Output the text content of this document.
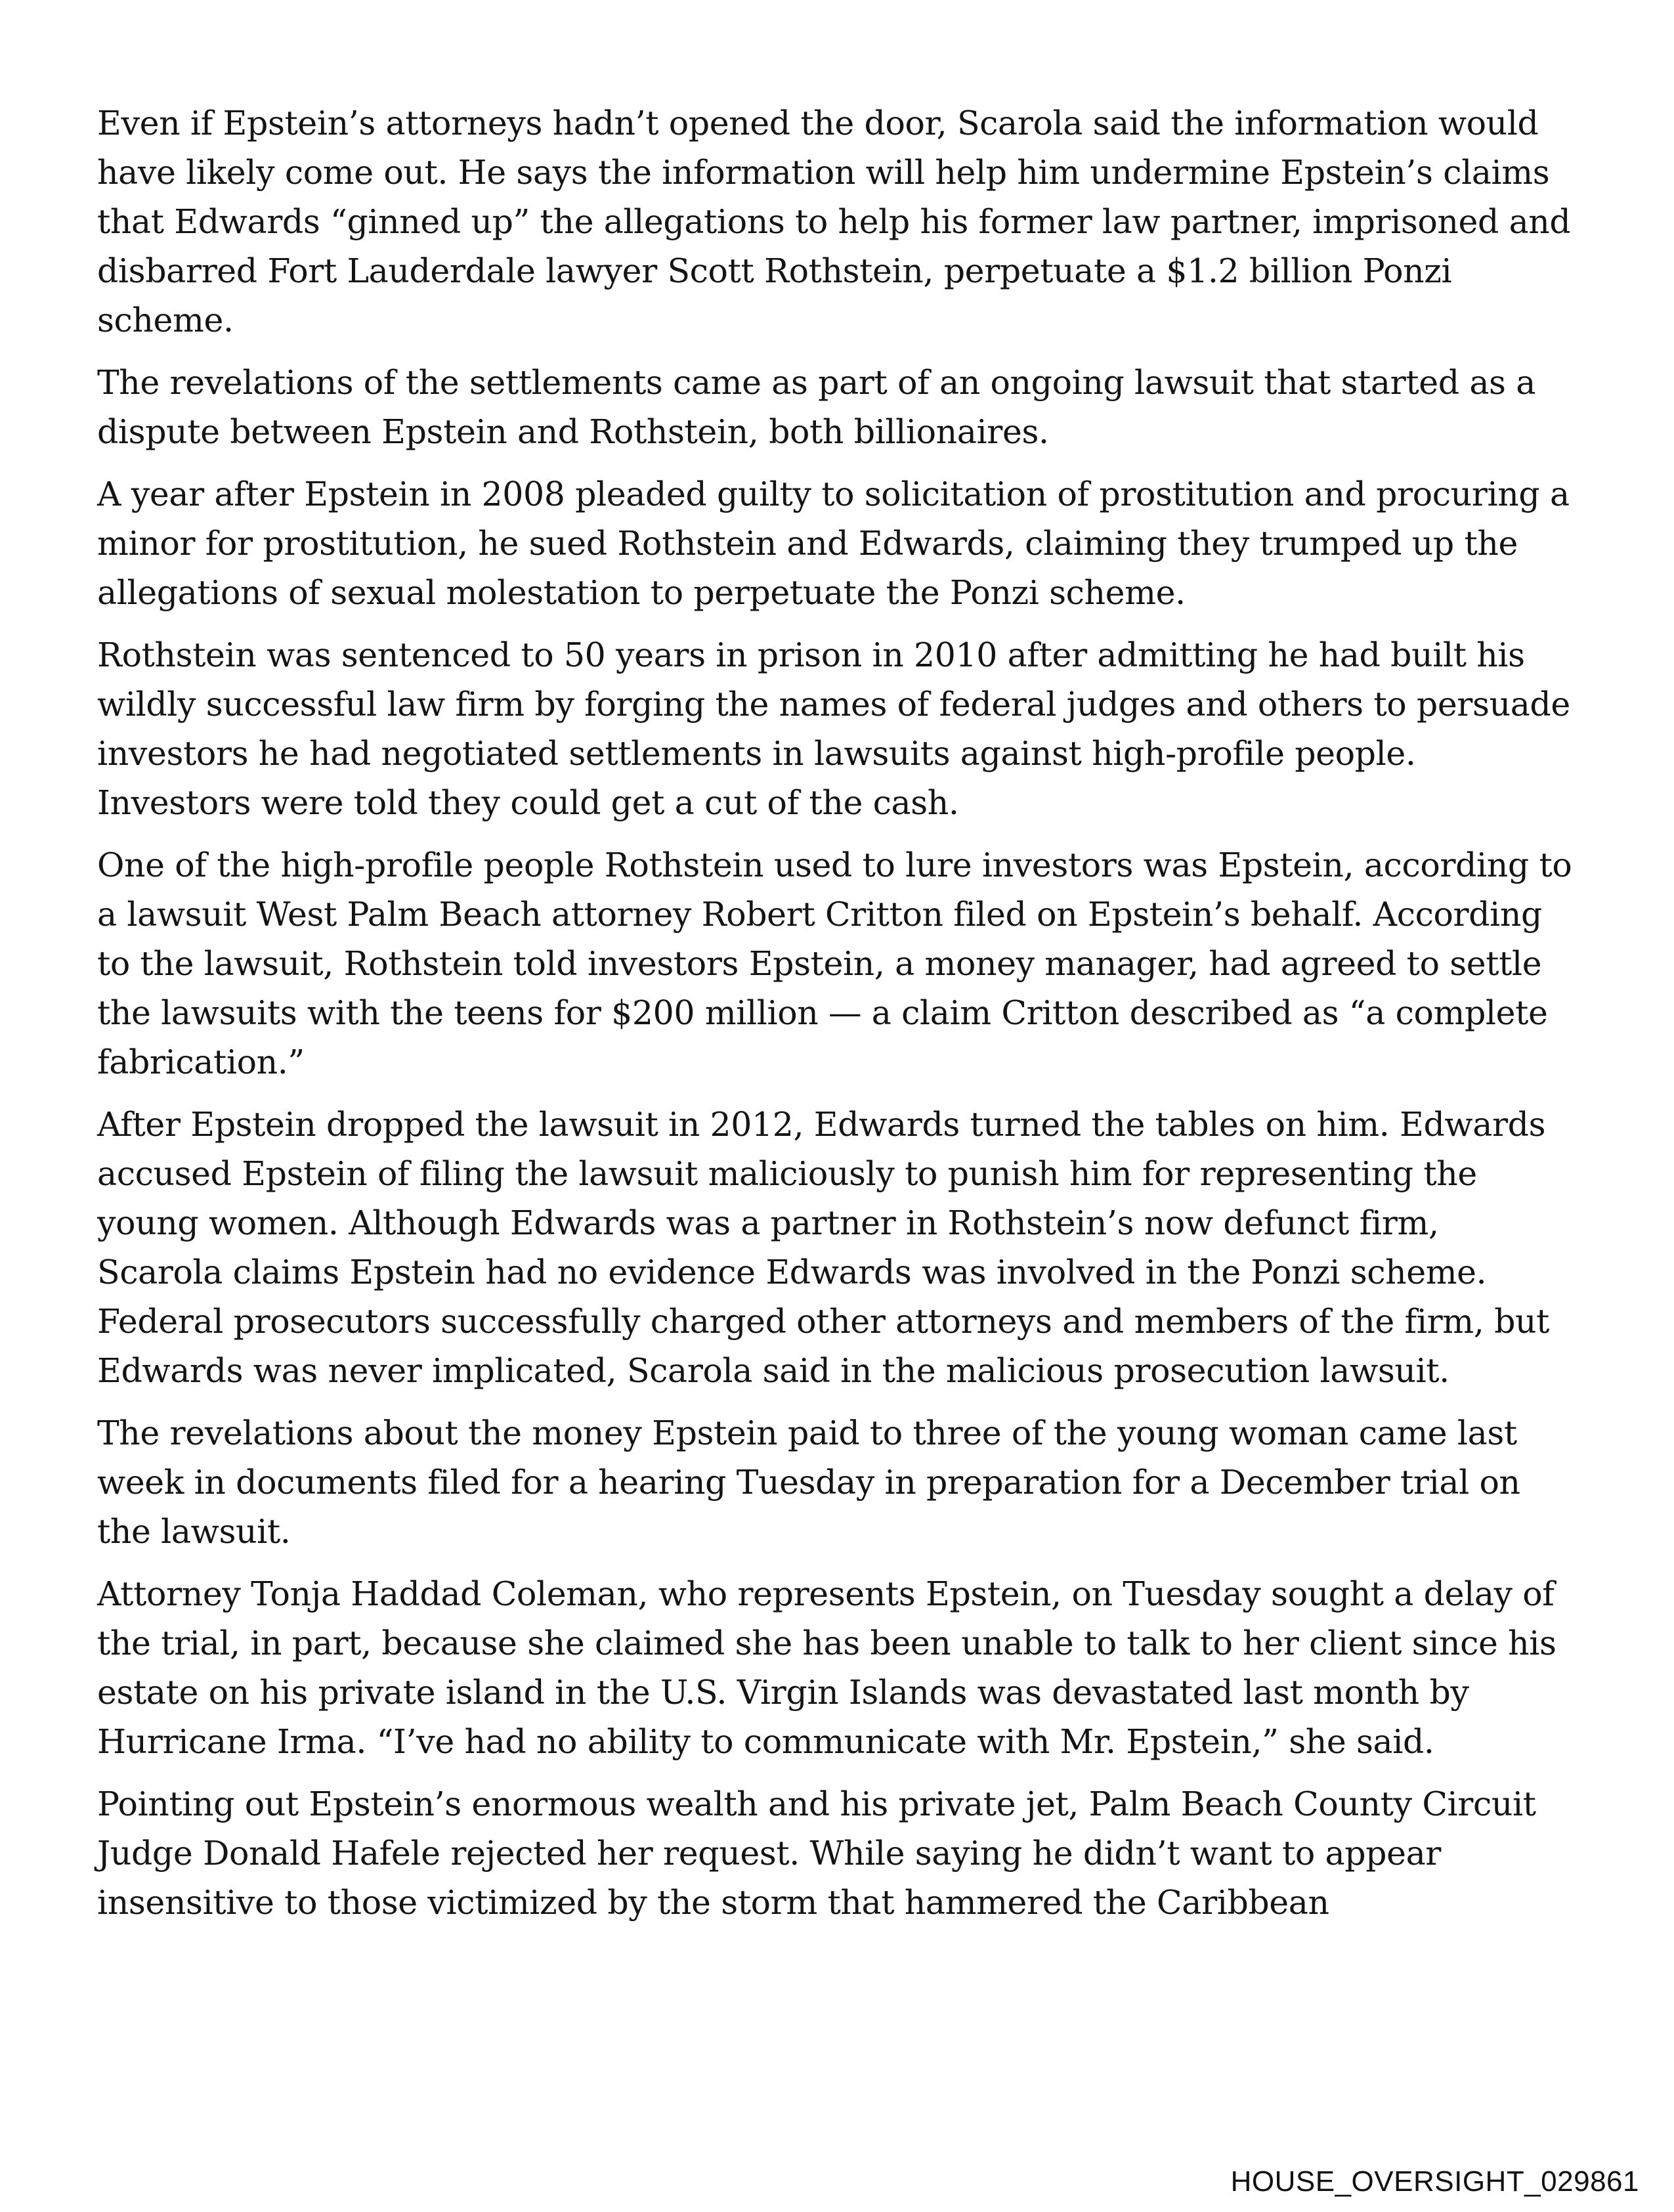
Even if Epstein’s attorneys hadn’t opened the door, Scarola said the information would have likely come out. He says the information will help him undermine Epstein’s claims that Edwards “ginned up” the allegations to help his former law partner, imprisoned and disbarred Fort Lauderdale lawyer Scott Rothstein, perpetuate a $1.2 billion Ponzi scheme.

The revelations of the settlements came as part of an ongoing lawsuit that started as a dispute between Epstein and Rothstein, both billionaires.

A year after Epstein in 2008 pleaded guilty to solicitation of prostitution and procuring a minor for prostitution, he sued Rothstein and Edwards, claiming they trumped up the allegations of sexual molestation to perpetuate the Ponzi scheme.

Rothstein was sentenced to 50 years in prison in 2010 after admitting he had built his wildly successful law firm by forging the names of federal judges and others to persuade investors he had negotiated settlements in lawsuits against high-profile people. Investors were told they could get a cut of the cash.

One of the high-profile people Rothstein used to lure investors was Epstein, according to a lawsuit West Palm Beach attorney Robert Critton filed on Epstein’s behalf. According to the lawsuit, Rothstein told investors Epstein, a money manager, had agreed to settle the lawsuits with the teens for $200 million — a claim Critton described as “a complete fabrication.”

After Epstein dropped the lawsuit in 2012, Edwards turned the tables on him. Edwards accused Epstein of filing the lawsuit maliciously to punish him for representing the young women. Although Edwards was a partner in Rothstein’s now defunct firm, Scarola claims Epstein had no evidence Edwards was involved in the Ponzi scheme. Federal prosecutors successfully charged other attorneys and members of the firm, but Edwards was never implicated, Scarola said in the malicious prosecution lawsuit.

The revelations about the money Epstein paid to three of the young woman came last week in documents filed for a hearing Tuesday in preparation for a December trial on the lawsuit.

Attorney Tonja Haddad Coleman, who represents Epstein, on Tuesday sought a delay of the trial, in part, because she claimed she has been unable to talk to her client since his estate on his private island in the U.S. Virgin Islands was devastated last month by Hurricane Irma. “I’ve had no ability to communicate with Mr. Epstein,” she said.

Pointing out Epstein’s enormous wealth and his private jet, Palm Beach County Circuit Judge Donald Hafele rejected her request. While saying he didn’t want to appear insensitive to those victimized by the storm that hammered the Caribbean

HOUSE_OVERSIGHT_029861
